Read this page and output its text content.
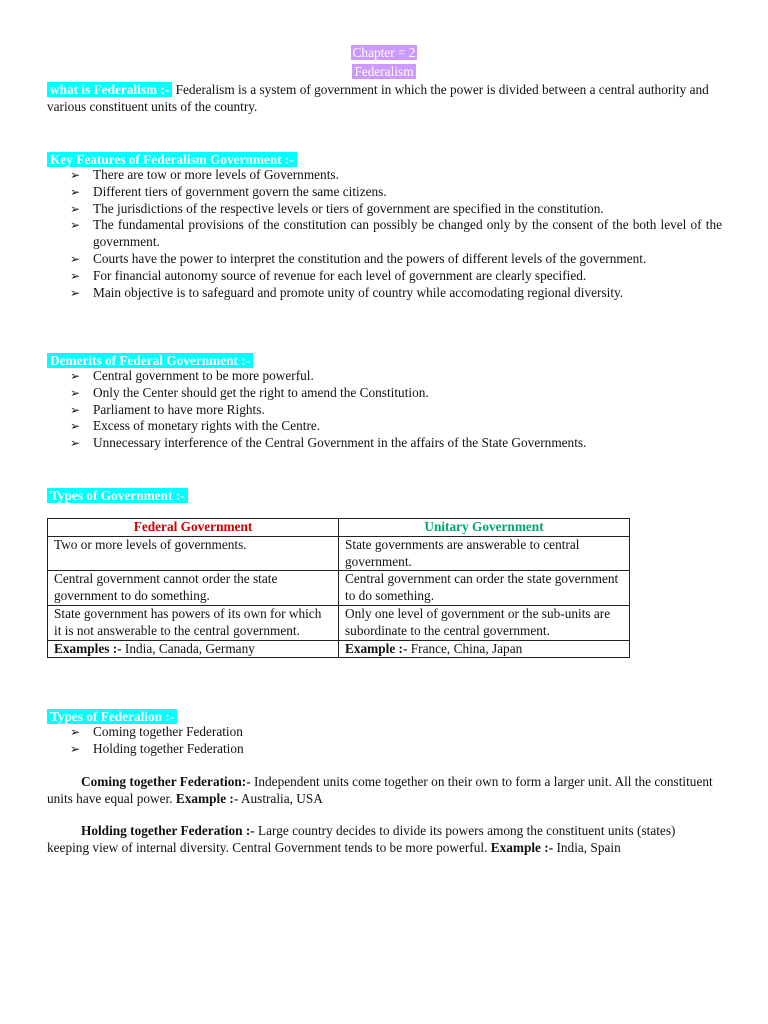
Chapter = 2
Federalism

what is Federalism :- Federalism is a system of government in which the power is divided between a central authority and various constituent units of the country.

Key Features of Federalism Government :-
➢ There are tow or more levels of Governments.
➢ Different tiers of government govern the same citizens.
➢ The jurisdictions of the respective levels or tiers of government are specified in the constitution.
➢ The fundamental provisions of the constitution can possibly be changed only by the consent of the both level of the government.
➢ Courts have the power to interpret the constitution and the powers of different levels of the government.
➢ For financial autonomy source of revenue for each level of government are clearly specified.
➢ Main objective is to safeguard and promote unity of country while accomodating regional diversity.
Demerits of Federal Government :-
➢ Central government to be more powerful.
➢ Only the Center should get the right to amend the Constitution.
➢ Parliament to have more Rights.
➢ Excess of monetary rights with the Centre.
➢ Unnecessary interference of the Central Government in the affairs of the State Governments.
Types of Government :-
Federal Government	Unitary Government
Two or more levels of governments.	State governments are answerable to central government.
Central government cannot order the state government to do something.	Central government can order the state government to do something.
State government has powers of its own for which it is not answerable to the central government.	Only one level of government or the sub-units are subordinate to the central government.
Examples :- India, Canada, Germany	Example :- France, China, Japan
Types of Federalion :-
➢ Coming together Federation
➢ Holding together Federation

Coming together Federation:- Independent units come together on their own to form a larger unit. All the constituent units have equal power. Example :- Australia, USA

Holding together Federation :- Large country decides to divide its powers among the constituent units (states) keeping view of internal diversity. Central Government tends to be more powerful. Example :- India, Spain
